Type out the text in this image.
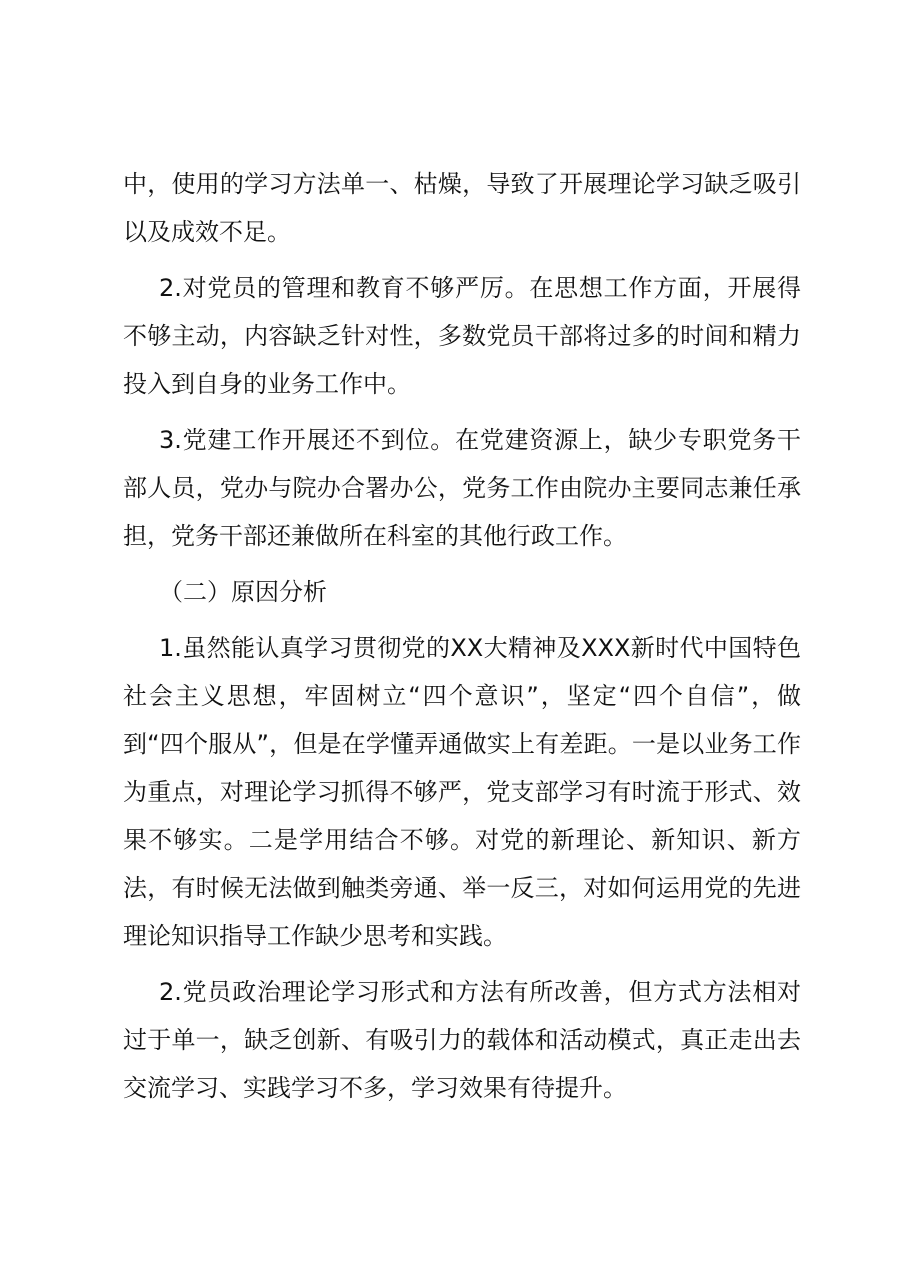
中，使用的学习方法单一、枯燥，导致了开展理论学习缺乏吸引以及成效不足。

2.对党员的管理和教育不够严厉。在思想工作方面，开展得不够主动，内容缺乏针对性，多数党员干部将过多的时间和精力投入到自身的业务工作中。

3.党建工作开展还不到位。在党建资源上，缺少专职党务干部人员，党办与院办合署办公，党务工作由院办主要同志兼任承担，党务干部还兼做所在科室的其他行政工作。

（二）原因分析

1.虽然能认真学习贯彻党的XX大精神及XXX新时代中国特色社会主义思想，牢固树立“四个意识”，坚定“四个自信”，做到“四个服从”，但是在学懂弄通做实上有差距。一是以业务工作为重点，对理论学习抓得不够严，党支部学习有时流于形式、效果不够实。二是学用结合不够。对党的新理论、新知识、新方法，有时候无法做到触类旁通、举一反三，对如何运用党的先进理论知识指导工作缺少思考和实践。

2.党员政治理论学习形式和方法有所改善，但方式方法相对过于单一，缺乏创新、有吸引力的载体和活动模式，真正走出去交流学习、实践学习不多，学习效果有待提升。
